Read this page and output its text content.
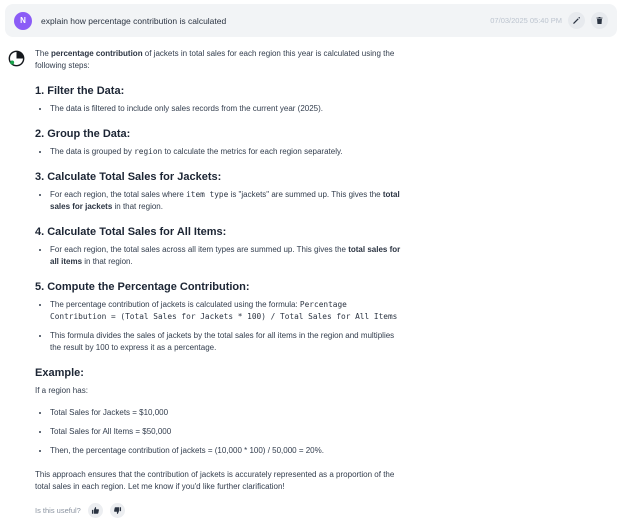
N	explain how percentage contribution is calculated	07/03/2025 05:40 PM

The percentage contribution of jackets in total sales for each region this year is calculated using the following steps:

1. Filter the Data:
• The data is filtered to include only sales records from the current year (2025).
2. Group the Data:
• The data is grouped by region to calculate the metrics for each region separately.
3. Calculate Total Sales for Jackets:
• For each region, the total sales where item type is "jackets" are summed up. This gives the total sales for jackets in that region.
4. Calculate Total Sales for All Items:
• For each region, the total sales across all item types are summed up. This gives the total sales for all items in that region.
5. Compute the Percentage Contribution:
• The percentage contribution of jackets is calculated using the formula: Percentage Contribution = (Total Sales for Jackets * 100) / Total Sales for All Items
• This formula divides the sales of jackets by the total sales for all items in the region and multiplies the result by 100 to express it as a percentage.
Example:

If a region has:

• Total Sales for Jackets = $10,000
• Total Sales for All Items = $50,000
• Then, the percentage contribution of jackets = (10,000 * 100) / 50,000 = 20%.

This approach ensures that the contribution of jackets is accurately represented as a proportion of the total sales in each region. Let me know if you'd like further clarification!

Is this useful?
